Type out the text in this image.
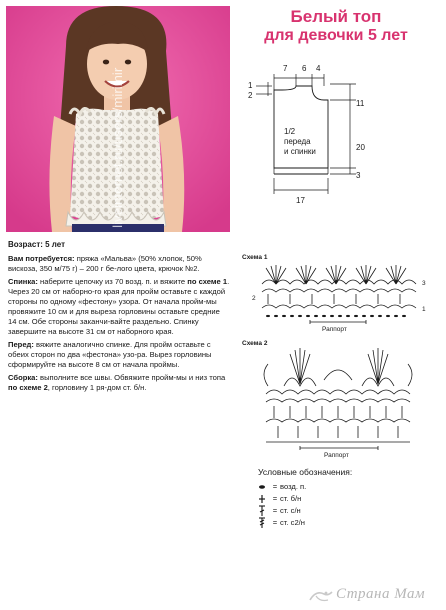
liveinternet.ru/users/mirimir
Белый топ
для девочки 5 лет
7 6 4
11
20
3
1
2
17
1/2
переда
и спинки

Возраст: 5 лет

Вам потребуется: пряжа «Мальва» (50% хлопок, 50% вискоза, 350 м/75 г) – 200 г бе-лого цвета, крючок №2.

Спинка: наберите цепочку из 70 возд. п. и вяжите по схеме 1. Через 20 см от наборно-го края для пройм оставьте с каждой стороны по одному «фестону» узора. От начала пройм-мы провяжите 10 см и для выреза горловины оставьте средние 14 см. Обе стороны заканчи-вайте раздельно. Спинку завершите на высоте 31 см от наборного края.

Перед: вяжите аналогично спинке. Для пройм оставьте с обеих сторон по два «фестона» узо-ра. Вырез горловины сформируйте на высоте 8 см от начала проймы.

Сборка: выполните все швы. Обвяжите пройм-мы и низ топа по схеме 2, горловину 1 ря-дом ст. б/н.

Схема 1
3
2
1
Раппорт
Схема 2
Раппорт
Условные обозначения:
= возд. п.
= ст. б/н
= ст. с/н
= ст. с2/н
Страна Мам
